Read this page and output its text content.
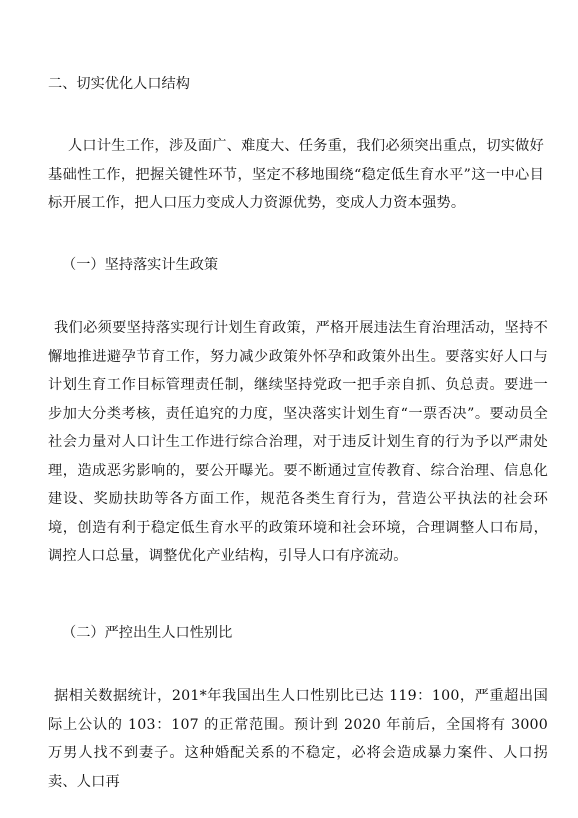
二、切实优化人口结构

人口计生工作，涉及面广、难度大、任务重，我们必须突出重点，切实做好基础性工作，把握关键性环节，坚定不移地围绕“稳定低生育水平”这一中心目标开展工作，把人口压力变成人力资源优势，变成人力资本强势。

（一）坚持落实计生政策

我们必须要坚持落实现行计划生育政策，严格开展违法生育治理活动，坚持不懈地推进避孕节育工作，努力减少政策外怀孕和政策外出生。要落实好人口与计划生育工作目标管理责任制，继续坚持党政一把手亲自抓、负总责。要进一步加大分类考核，责任追究的力度，坚决落实计划生育“一票否决”。要动员全社会力量对人口计生工作进行综合治理，对于违反计划生育的行为予以严肃处理，造成恶劣影响的，要公开曝光。要不断通过宣传教育、综合治理、信息化建设、奖励扶助等各方面工作，规范各类生育行为，营造公平执法的社会环境，创造有利于稳定低生育水平的政策环境和社会环境，合理调整人口布局，调控人口总量，调整优化产业结构，引导人口有序流动。

（二）严控出生人口性别比

据相关数据统计，201*年我国出生人口性别比已达 119：100，严重超出国际上公认的 103：107 的正常范围。预计到 2020 年前后，全国将有 3000 万男人找不到妻子。这种婚配关系的不稳定，必将会造成暴力案件、人口拐卖、人口再
